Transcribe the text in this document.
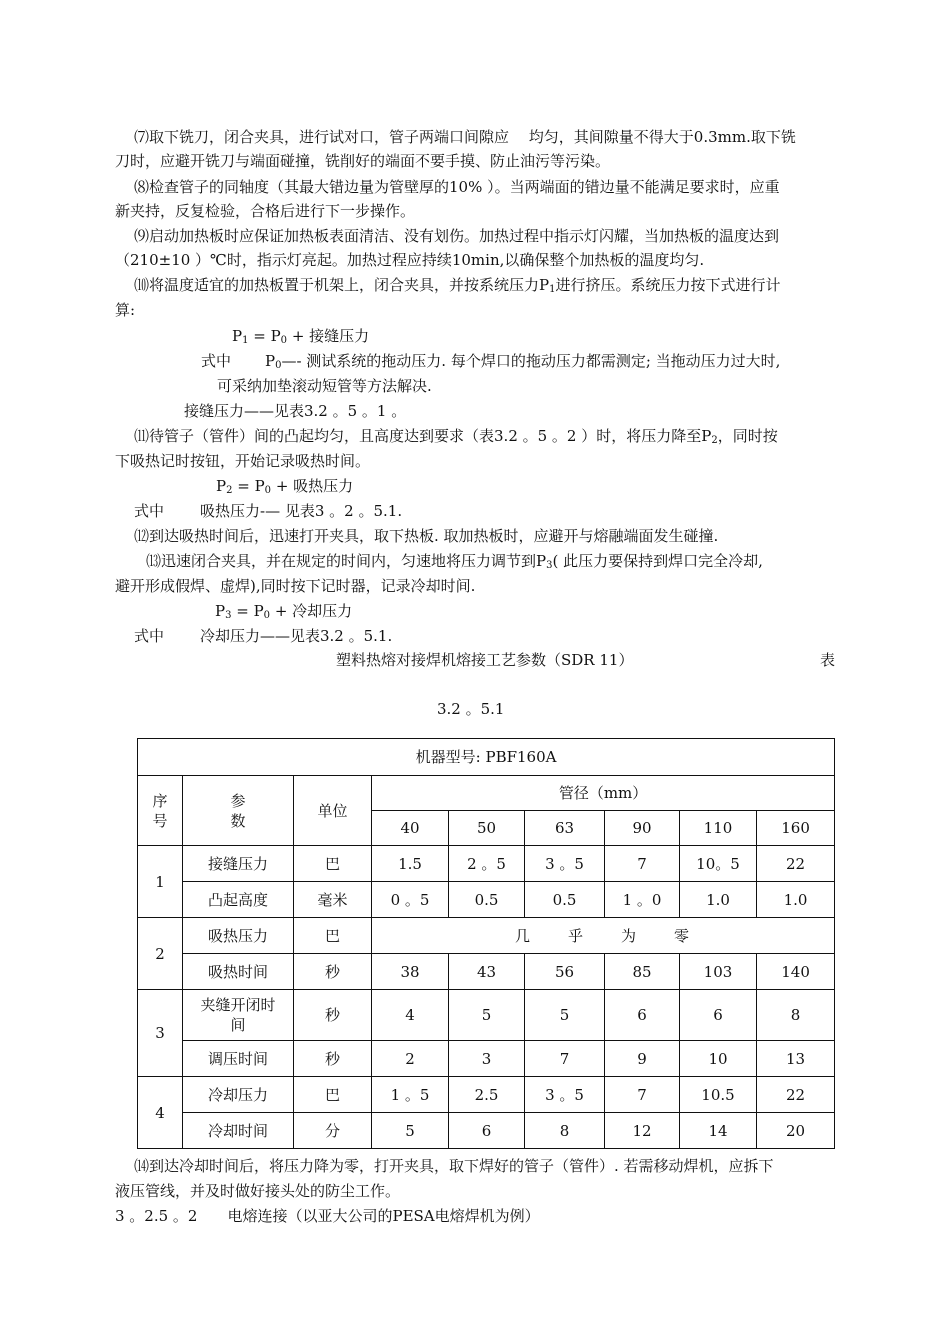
⑺取下铣刀，闭合夹具，进行试对口，管子两端口间隙应　 均匀，其间隙量不得大于0.3mm.取下铣
刀时，应避开铣刀与端面碰撞，铣削好的端面不要手摸、防止油污等污染。
⑻检查管子的同轴度（其最大错边量为管壁厚的10% ）。当两端面的错边量不能满足要求时，应重
新夹持，反复检验，合格后进行下一步操作。
⑼启动加热板时应保证加热板表面清洁、没有划伤。加热过程中指示灯闪耀，当加热板的温度达到
（210±10 ）℃时，指示灯亮起。加热过程应持续10min,以确保整个加热板的温度均匀.
⑽将温度适宜的加热板置于机架上，闭合夹具，并按系统压力$P_1$进行挤压。系统压力按下式进行计
算:
$P_1 = P_0$ + 接缝压力
式中 $P_0—-$ 测试系统的拖动压力. 每个焊口的拖动压力都需测定; 当拖动压力过大时,
可采纳加垫滚动短管等方法解决.
接缝压力——见表3.2 。5 。1 。
⑾待管子（管件）间的凸起均匀，且高度达到要求（表3.2 。5 。2 ）时，将压力降至$P_2$，同时按
下吸热记时按钮，开始记录吸热时间。
$P_2 = P_0$ + 吸热压力
式中 吸热压力-— 见表3 。2 。5.1.
⑿到达吸热时间后，迅速打开夹具，取下热板. 取加热板时，应避开与熔融端面发生碰撞.
⒀迅速闭合夹具，并在规定的时间内，匀速地将压力调节到$P_3$( 此压力要保持到焊口完全冷却,
避开形成假焊、虚焊),同时按下记时器，记录冷却时间.
$P_3 = P_0$ + 冷却压力
式中 冷却压力——见表3.2 。5.1.
塑料热熔对接焊机熔接工艺参数（SDR 11）	表
3.2 。5.1
机器型号: PBF160A								
序
号	参
数	单位	管径（mm）					
			40	50	63	90	110	160
1	接缝压力	巴	1.5	2 。5	3 。5	7	10。5	22
	凸起高度	毫米	0 。5	0.5	0.5	1 。0	1.0	1.0
2	吸热压力	巴	几乎为零					
	吸热时间	秒	38	43	56	85	103	140
3	夹缝开闭时
间	秒	4	5	5	6	6	8
	调压时间	秒	2	3	7	9	10	13
4	冷却压力	巴	1 。5	2.5	3 。5	7	10.5	22
	冷却时间	分	5	6	8	12	14	20
⒁到达冷却时间后，将压力降为零，打开夹具，取下焊好的管子（管件）. 若需移动焊机，应拆下
液压管线，并及时做好接头处的防尘工作。
3 。2.5 。2　　电熔连接（以亚大公司的PESA电熔焊机为例）
